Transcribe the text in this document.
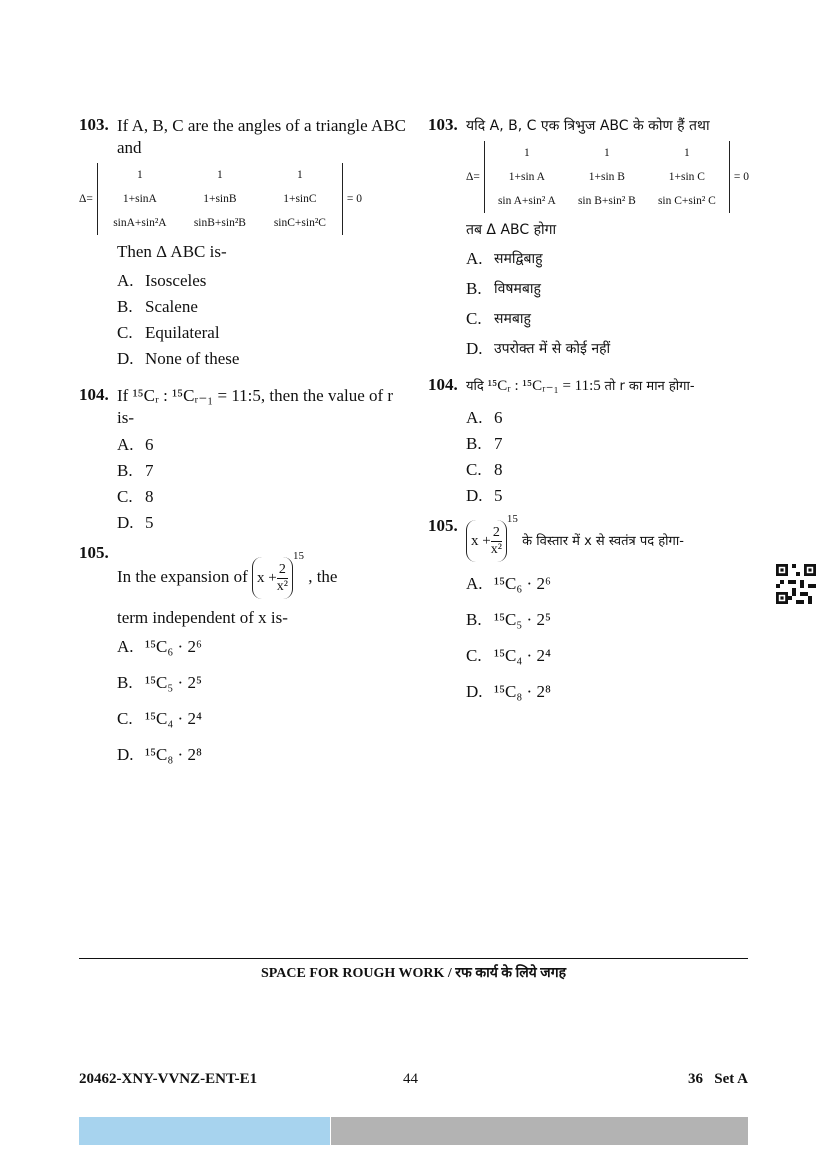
103. If A, B, C are the angles of a triangle ABC and
Δ=
1	1	1
1+sinA	1+sinB	1+sinC
sinA+sin²A	sinB+sin²B	sinC+sin²C
= 0
Then Δ ABC is-
A. Isosceles
B. Scalene
C. Equilateral
D. None of these
104. If ¹⁵Cᵣ : ¹⁵Cᵣ₋₁ = 11:5, then the value of r is-
A. 6
B. 7
C. 8
D. 5
105.
In the expansion of x
+ $\frac{2}{\text{x²}}$
$^{15}$ , the
term independent of x is-
A. ¹⁵C₆ · 2⁶
B. ¹⁵C₅ · 2⁵
C. ¹⁵C₄ · 2⁴
D. ¹⁵C₈ · 2⁸
103. यदि A, B, C एक त्रिभुज ABC के कोण हैं तथा
Δ=
1	1	1
1+sin A	1+sin B	1+sin C
sin A+sin² A	sin B+sin² B	sin C+sin² C
= 0
तब Δ ABC होगा
A. समद्विबाहु
B. विषमबाहु
C. समबाहु
D. उपरोक्त में से कोई नहीं
104. यदि ¹⁵Cᵣ : ¹⁵Cᵣ₋₁ = 11:5 तो r का मान होगा-
A. 6
B. 7
C. 8
D. 5
105.
x
+ $\frac{2}{\text{x²}}$
$^{15}$ के विस्तार में x से स्वतंत्र पद होगा-
A. ¹⁵C₆ · 2⁶
B. ¹⁵C₅ · 2⁵
C. ¹⁵C₄ · 2⁴
D. ¹⁵C₈ · 2⁸
SPACE FOR ROUGH WORK / रफ कार्य के लिये जगह
20462-XNY-VVNZ-ENT-E1	44	36   Set A
